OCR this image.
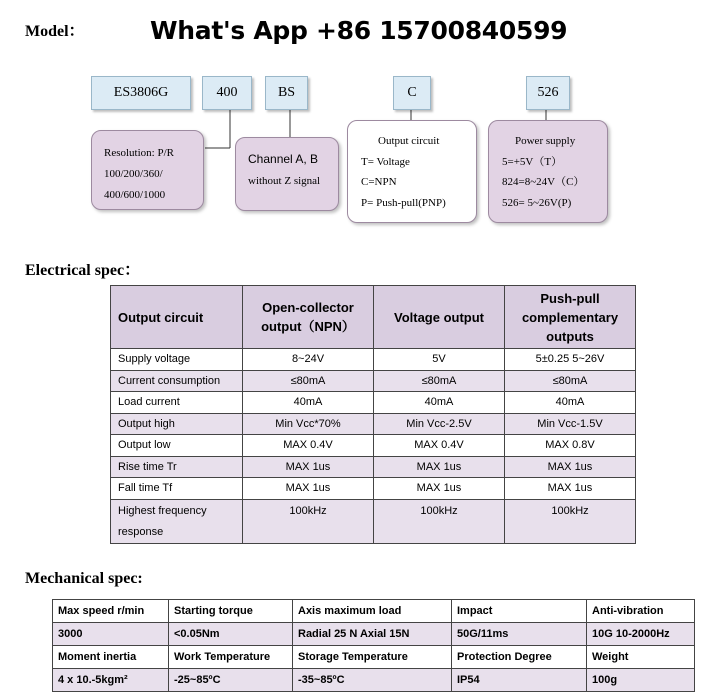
Model：	What's App +86 15700840599
ES3806G	400	BS	C	526
Resolution: P/R
100/200/360/
400/600/1000
Channel A, B
without Z signal
Output circuit
T= Voltage
C=NPN
P= Push-pull(PNP)
Power supply
5=+5V（T）
824=8~24V（C）
526= 5~26V(P)
Electrical spec：
Output circuit	Open-collector output（NPN）	Voltage output	Push-pull complementary outputs
Supply voltage	8~24V	5V	5±0.25 5~26V
Current consumption	≤80mA	≤80mA	≤80mA
Load current	40mA	40mA	40mA
Output high	Min Vcc*70%	Min Vcc-2.5V	Min Vcc-1.5V
Output low	MAX 0.4V	MAX 0.4V	MAX 0.8V
Rise time Tr	MAX 1us	MAX 1us	MAX 1us
Fall time Tf	MAX 1us	MAX 1us	MAX 1us
Highest frequency response	100kHz	100kHz	100kHz
Mechanical spec:
Max speed r/min	Starting torque	Axis maximum load	Impact	Anti-vibration
3000	<0.05Nm	Radial 25 N Axial 15N	50G/11ms	10G 10-2000Hz
Moment inertia	Work Temperature	Storage Temperature	Protection Degree	Weight
4 x 10.-5kgm²	-25~85ºC	-35~85ºC	IP54	100g
